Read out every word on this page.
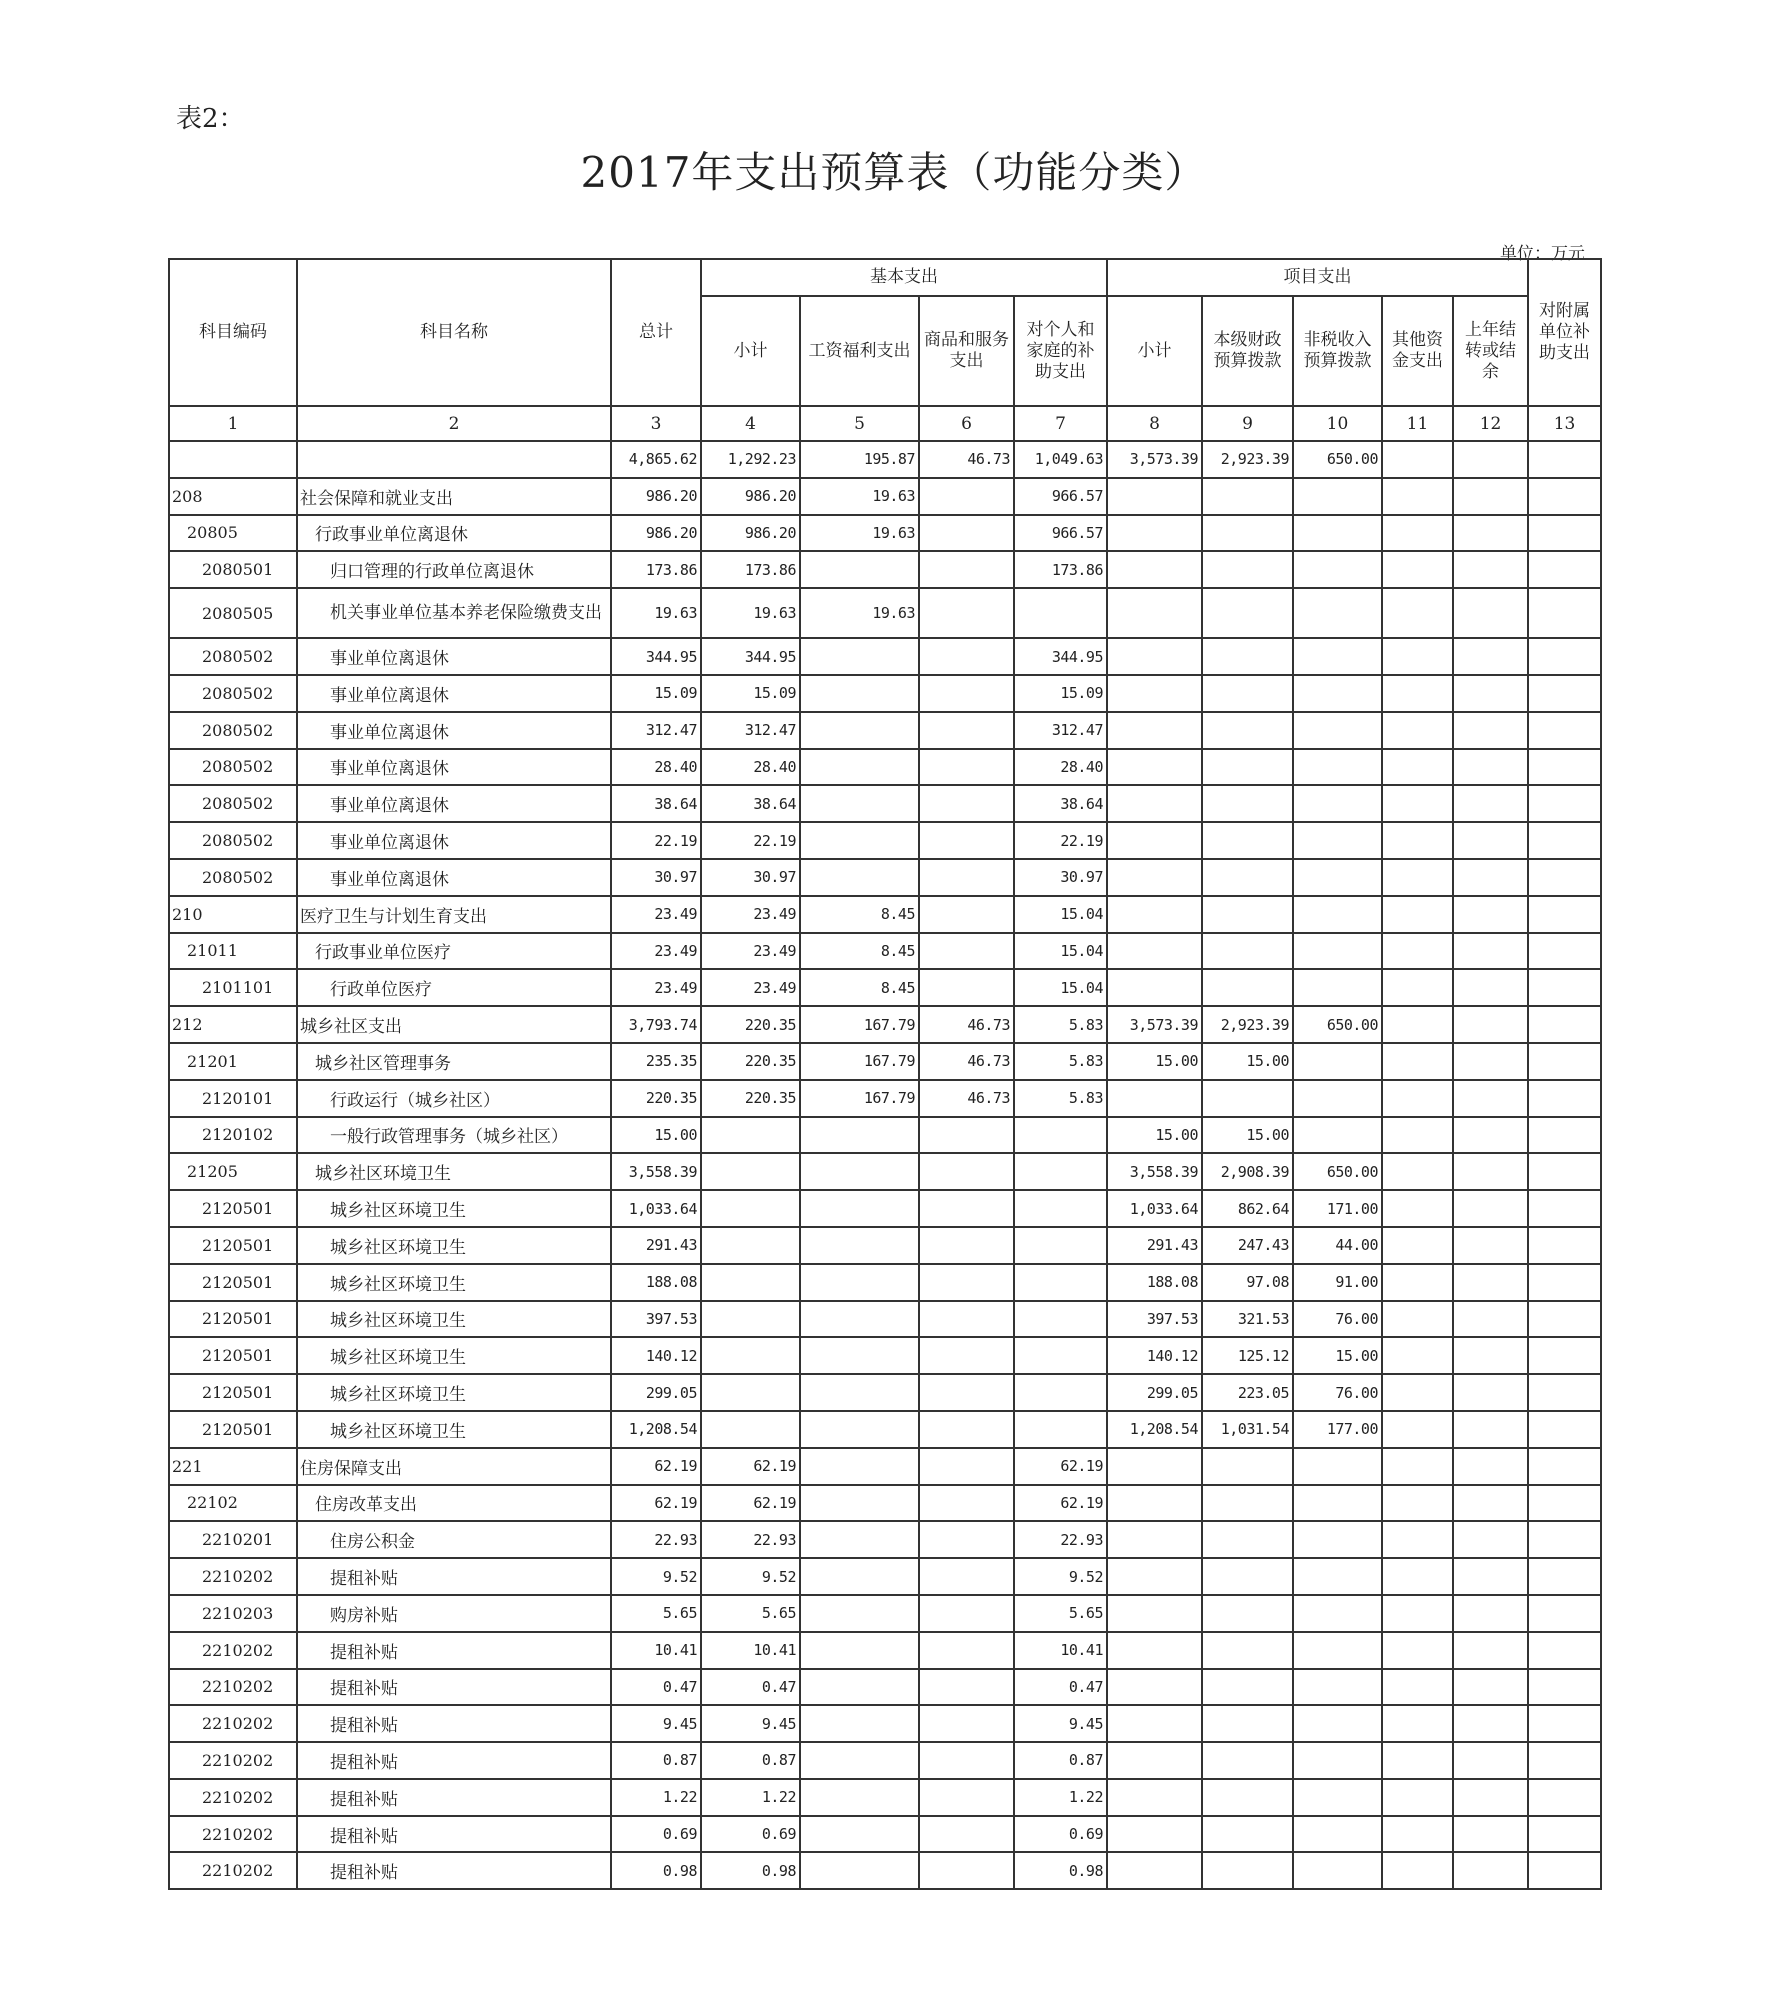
表2：
2017年支出预算表（功能分类）
单位：万元
科目编码	科目名称	总计	基本支出				项目支出					对附属单位补助支出	
			小计	工资福利支出	商品和服务支出	对个人和家庭的补助支出	小计	本级财政预算拨款	非税收入预算拨款	其他资金支出	上年结转或结余		
1	2	3	4	5	6	7	8	9	10	11	12	13	
		4,865.62	1,292.23	195.87	46.73	1,049.63	3,573.39	2,923.39	650.00				
208	社会保障和就业支出	986.20	986.20	19.63		966.57							
20805	行政事业单位离退休	986.20	986.20	19.63		966.57							
2080501	归口管理的行政单位离退休	173.86	173.86			173.86							
2080505	机关事业单位基本养老保险缴费支出	19.63	19.63	19.63									
2080502	事业单位离退休	344.95	344.95			344.95							
2080502	事业单位离退休	15.09	15.09			15.09							
2080502	事业单位离退休	312.47	312.47			312.47							
2080502	事业单位离退休	28.40	28.40			28.40							
2080502	事业单位离退休	38.64	38.64			38.64							
2080502	事业单位离退休	22.19	22.19			22.19							
2080502	事业单位离退休	30.97	30.97			30.97							
210	医疗卫生与计划生育支出	23.49	23.49	8.45		15.04							
21011	行政事业单位医疗	23.49	23.49	8.45		15.04							
2101101	行政单位医疗	23.49	23.49	8.45		15.04							
212	城乡社区支出	3,793.74	220.35	167.79	46.73	5.83	3,573.39	2,923.39	650.00				
21201	城乡社区管理事务	235.35	220.35	167.79	46.73	5.83	15.00	15.00					
2120101	行政运行（城乡社区）	220.35	220.35	167.79	46.73	5.83							
2120102	一般行政管理事务（城乡社区）	15.00					15.00	15.00					
21205	城乡社区环境卫生	3,558.39					3,558.39	2,908.39	650.00				
2120501	城乡社区环境卫生	1,033.64					1,033.64	862.64	171.00				
2120501	城乡社区环境卫生	291.43					291.43	247.43	44.00				
2120501	城乡社区环境卫生	188.08					188.08	97.08	91.00				
2120501	城乡社区环境卫生	397.53					397.53	321.53	76.00				
2120501	城乡社区环境卫生	140.12					140.12	125.12	15.00				
2120501	城乡社区环境卫生	299.05					299.05	223.05	76.00				
2120501	城乡社区环境卫生	1,208.54					1,208.54	1,031.54	177.00				
221	住房保障支出	62.19	62.19			62.19							
22102	住房改革支出	62.19	62.19			62.19							
2210201	住房公积金	22.93	22.93			22.93							
2210202	提租补贴	9.52	9.52			9.52							
2210203	购房补贴	5.65	5.65			5.65							
2210202	提租补贴	10.41	10.41			10.41							
2210202	提租补贴	0.47	0.47			0.47							
2210202	提租补贴	9.45	9.45			9.45							
2210202	提租补贴	0.87	0.87			0.87							
2210202	提租补贴	1.22	1.22			1.22							
2210202	提租补贴	0.69	0.69			0.69							
2210202	提租补贴	0.98	0.98			0.98							
